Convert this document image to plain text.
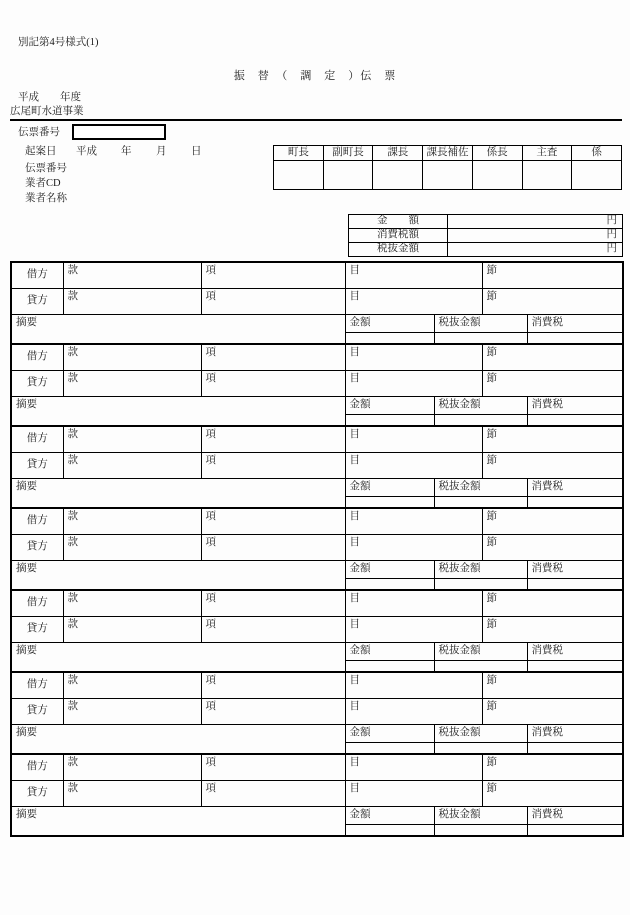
別記第4号様式(1)
振　替　（　調　定　）伝　票
平成 年度
広尾町水道事業
伝票番号
起案日 平成 年 月 日
伝票番号
業者CD
業者名称
町長	副町長	課長	課長補佐	係長	主査	係

金　　額	円
消費税額	円
税抜金額	円
借方	款	項	目		節	
貸方	款	項	目		節	
摘要			金額	税抜金額		消費税

借方	款	項	目		節	
貸方	款	項	目		節	
摘要			金額	税抜金額		消費税

借方	款	項	目		節	
貸方	款	項	目		節	
摘要			金額	税抜金額		消費税

借方	款	項	目		節	
貸方	款	項	目		節	
摘要			金額	税抜金額		消費税

借方	款	項	目		節	
貸方	款	項	目		節	
摘要			金額	税抜金額		消費税

借方	款	項	目		節	
貸方	款	項	目		節	
摘要			金額	税抜金額		消費税

借方	款	項	目		節	
貸方	款	項	目		節	
摘要			金額	税抜金額		消費税
